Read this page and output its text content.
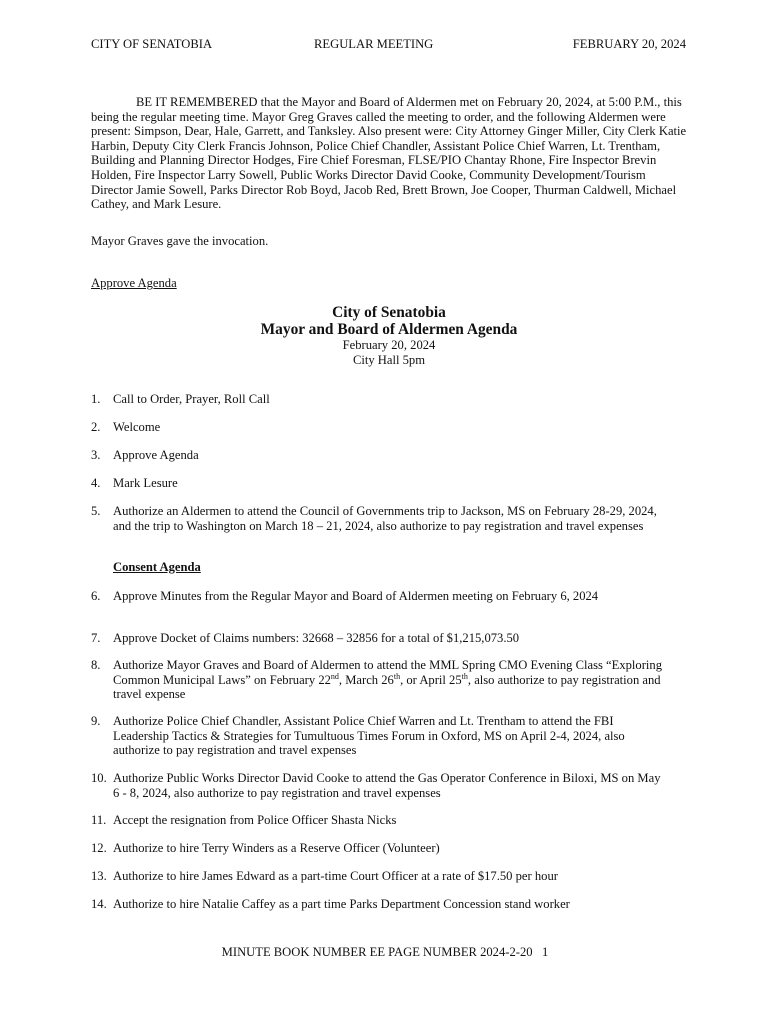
CITY OF SENATOBIA	REGULAR MEETING	FEBRUARY 20, 2024

BE IT REMEMBERED that the Mayor and Board of Aldermen met on February 20, 2024, at 5:00 P.M., this being the regular meeting time. Mayor Greg Graves called the meeting to order, and the following Aldermen were present: Simpson, Dear, Hale, Garrett, and Tanksley. Also present were: City Attorney Ginger Miller, City Clerk Katie Harbin, Deputy City Clerk Francis Johnson, Police Chief Chandler, Assistant Police Chief Warren, Lt. Trentham, Building and Planning Director Hodges, Fire Chief Foresman, FLSE/PIO Chantay Rhone, Fire Inspector Brevin Holden, Fire Inspector Larry Sowell, Public Works Director David Cooke, Community Development/Tourism Director Jamie Sowell, Parks Director Rob Boyd, Jacob Red, Brett Brown, Joe Cooper, Thurman Caldwell, Michael Cathey, and Mark Lesure.

Mayor Graves gave the invocation.

Approve Agenda

City of Senatobia
Mayor and Board of Aldermen Agenda
February 20, 2024
City Hall 5pm
1. Call to Order, Prayer, Roll Call
2. Welcome
3. Approve Agenda
4. Mark Lesure
5. Authorize an Aldermen to attend the Council of Governments trip to Jackson, MS on February 28-29, 2024, and the trip to Washington on March 18 – 21, 2024, also authorize to pay registration and travel expenses

Consent Agenda

6. Approve Minutes from the Regular Mayor and Board of Aldermen meeting on February 6, 2024
7. Approve Docket of Claims numbers: 32668 – 32856 for a total of $1,215,073.50
8. Authorize Mayor Graves and Board of Aldermen to attend the MML Spring CMO Evening Class “Exploring Common Municipal Laws” on February 22nd, March 26th, or April 25th, also authorize to pay registration and travel expense
9. Authorize Police Chief Chandler, Assistant Police Chief Warren and Lt. Trentham to attend the FBI Leadership Tactics & Strategies for Tumultuous Times Forum in Oxford, MS on April 2-4, 2024, also authorize to pay registration and travel expenses
10. Authorize Public Works Director David Cooke to attend the Gas Operator Conference in Biloxi, MS on May 6 - 8, 2024, also authorize to pay registration and travel expenses
11. Accept the resignation from Police Officer Shasta Nicks
12. Authorize to hire Terry Winders as a Reserve Officer (Volunteer)
13. Authorize to hire James Edward as a part-time Court Officer at a rate of $17.50 per hour
14. Authorize to hire Natalie Caffey as a part time Parks Department Concession stand worker
MINUTE BOOK NUMBER EE PAGE NUMBER 2024-2-20 1
